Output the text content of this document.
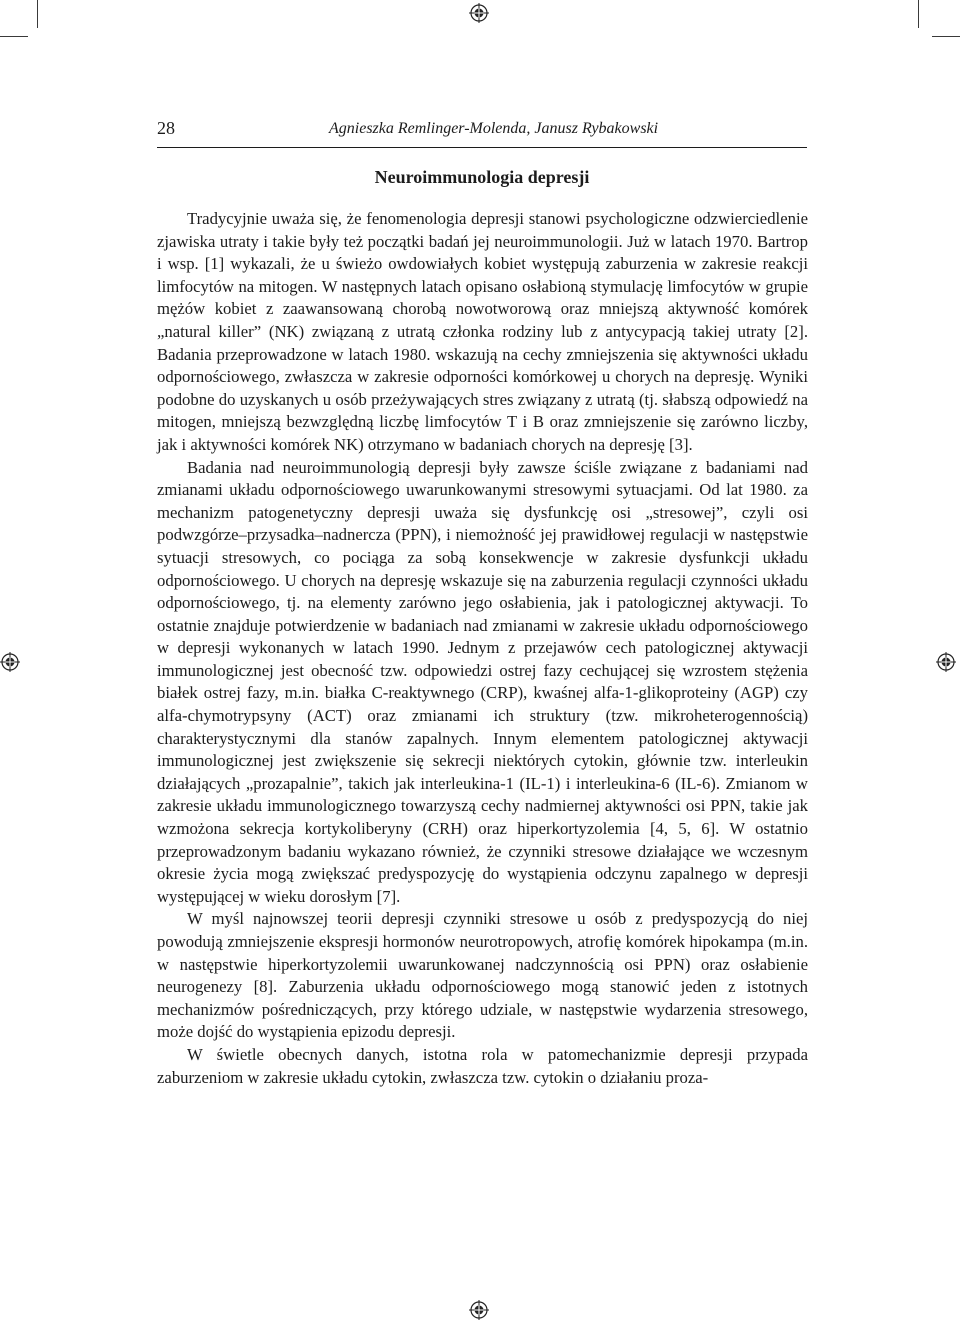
28	Agnieszka Remlinger-Molenda, Janusz Rybakowski
Neuroimmunologia depresji

Tradycyjnie uważa się, że fenomenologia depresji stanowi psychologiczne odzwierciedlenie zjawiska utraty i takie były też początki badań jej neuroimmunologii. Już w latach 1970. Bartrop i wsp. [1] wykazali, że u świeżo owdowiałych kobiet występują zaburzenia w zakresie reakcji limfocytów na mitogen. W następnych latach opisano osłabioną stymulację limfocytów w grupie mężów kobiet z zaawansowaną chorobą nowotworową oraz mniejszą aktywność komórek „natural killer” (NK) związaną z utratą członka rodziny lub z antycypacją takiej utraty [2]. Badania przeprowadzone w latach 1980. wskazują na cechy zmniejszenia się aktywności układu odpornościowego, zwłaszcza w zakresie odporności komórkowej u chorych na depresję. Wyniki podobne do uzyskanych u osób przeżywających stres związany z utratą (tj. słabszą odpowiedź na mitogen, mniejszą bezwzględną liczbę limfocytów T i B oraz zmniejszenie się zarówno liczby, jak i aktywności komórek NK) otrzymano w badaniach chorych na depresję [3].

Badania nad neuroimmunologią depresji były zawsze ściśle związane z badaniami nad zmianami układu odpornościowego uwarunkowanymi stresowymi sytuacjami. Od lat 1980. za mechanizm patogenetyczny depresji uważa się dysfunkcję osi „stresowej”, czyli osi podwzgórze–przysadka–nadnercza (PPN), i niemożność jej prawidłowej regulacji w następstwie sytuacji stresowych, co pociąga za sobą konsekwencje w zakresie dysfunkcji układu odpornościowego. U chorych na depresję wskazuje się na zaburzenia regulacji czynności układu odpornościowego, tj. na elementy zarówno jego osłabienia, jak i patologicznej aktywacji. To ostatnie znajduje potwierdzenie w badaniach nad zmianami w zakresie układu odpornościowego w depresji wykonanych w latach 1990. Jednym z przejawów cech patologicznej aktywacji immunologicznej jest obecność tzw. odpowiedzi ostrej fazy cechującej się wzrostem stężenia białek ostrej fazy, m.in. białka C-reaktywnego (CRP), kwaśnej alfa-1-glikoproteiny (AGP) czy alfa-chymotrypsyny (ACT) oraz zmianami ich struktury (tzw. mikroheterogennością) charakterystycznymi dla stanów zapalnych. Innym elementem patologicznej aktywacji immunologicznej jest zwiększenie się sekrecji niektórych cytokin, głównie tzw. interleukin działających „prozapalnie”, takich jak interleukina-1 (IL-1) i interleukina-6 (IL-6). Zmianom w zakresie układu immunologicznego towarzyszą cechy nadmiernej aktywności osi PPN, takie jak wzmożona sekrecja kortykoliberyny (CRH) oraz hiperkortyzolemia [4, 5, 6]. W ostatnio przeprowadzonym badaniu wykazano również, że czynniki stresowe działające we wczesnym okresie życia mogą zwiększać predyspozycję do wystąpienia odczynu zapalnego w depresji występującej w wieku dorosłym [7].

W myśl najnowszej teorii depresji czynniki stresowe u osób z predyspozycją do niej powodują zmniejszenie ekspresji hormonów neurotropowych, atrofię komórek hipokampa (m.in. w następstwie hiperkortyzolemii uwarunkowanej nadczynnością osi PPN) oraz osłabienie neurogenezy [8]. Zaburzenia układu odpornościowego mogą stanowić jeden z istotnych mechanizmów pośredniczących, przy którego udziale, w następstwie wydarzenia stresowego, może dojść do wystąpienia epizodu depresji.

W świetle obecnych danych, istotna rola w patomechanizmie depresji przypada zaburzeniom w zakresie układu cytokin, zwłaszcza tzw. cytokin o działaniu proza-
